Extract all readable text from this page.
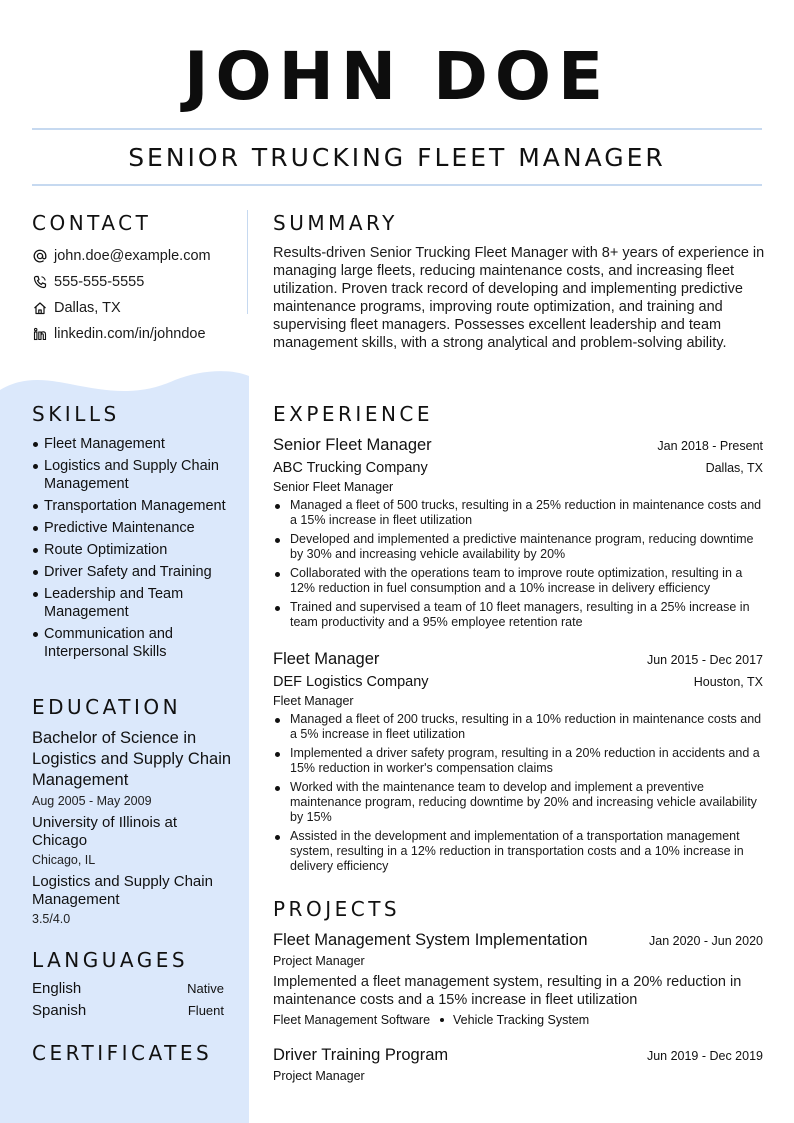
JOHN DOE
SENIOR TRUCKING FLEET MANAGER
CONTACT
john.doe@example.com
555-555-5555
Dallas, TX
linkedin.com/in/johndoe
SKILLS
Fleet Management
Logistics and Supply Chain Management
Transportation Management
Predictive Maintenance
Route Optimization
Driver Safety and Training
Leadership and Team Management
Communication and Interpersonal Skills
EDUCATION
Bachelor of Science in Logistics and Supply Chain Management
Aug 2005 - May 2009
University of Illinois at Chicago
Chicago, IL
Logistics and Supply Chain Management
3.5/4.0
LANGUAGES
English	Native
Spanish	Fluent
CERTIFICATES
SUMMARY
Results-driven Senior Trucking Fleet Manager with 8+ years of experience in managing large fleets, reducing maintenance costs, and increasing fleet utilization. Proven track record of developing and implementing predictive maintenance programs, improving route optimization, and training and supervising fleet managers. Possesses excellent leadership and team management skills, with a strong analytical and problem-solving ability.
EXPERIENCE
Senior Fleet Manager	Jan 2018 - Present
ABC Trucking Company	Dallas, TX
Senior Fleet Manager
Managed a fleet of 500 trucks, resulting in a 25% reduction in maintenance costs and a 15% increase in fleet utilization
Developed and implemented a predictive maintenance program, reducing downtime by 30% and increasing vehicle availability by 20%
Collaborated with the operations team to improve route optimization, resulting in a 12% reduction in fuel consumption and a 10% increase in delivery efficiency
Trained and supervised a team of 10 fleet managers, resulting in a 25% increase in team productivity and a 95% employee retention rate
Fleet Manager	Jun 2015 - Dec 2017
DEF Logistics Company	Houston, TX
Fleet Manager
Managed a fleet of 200 trucks, resulting in a 10% reduction in maintenance costs and a 5% increase in fleet utilization
Implemented a driver safety program, resulting in a 20% reduction in accidents and a 15% reduction in worker's compensation claims
Worked with the maintenance team to develop and implement a preventive maintenance program, reducing downtime by 20% and increasing vehicle availability by 15%
Assisted in the development and implementation of a transportation management system, resulting in a 12% reduction in transportation costs and a 10% increase in delivery efficiency
PROJECTS
Fleet Management System Implementation	Jan 2020 - Jun 2020
Project Manager
Implemented a fleet management system, resulting in a 20% reduction in maintenance costs and a 15% increase in fleet utilization
Fleet Management Software Vehicle Tracking System
Driver Training Program	Jun 2019 - Dec 2019
Project Manager
